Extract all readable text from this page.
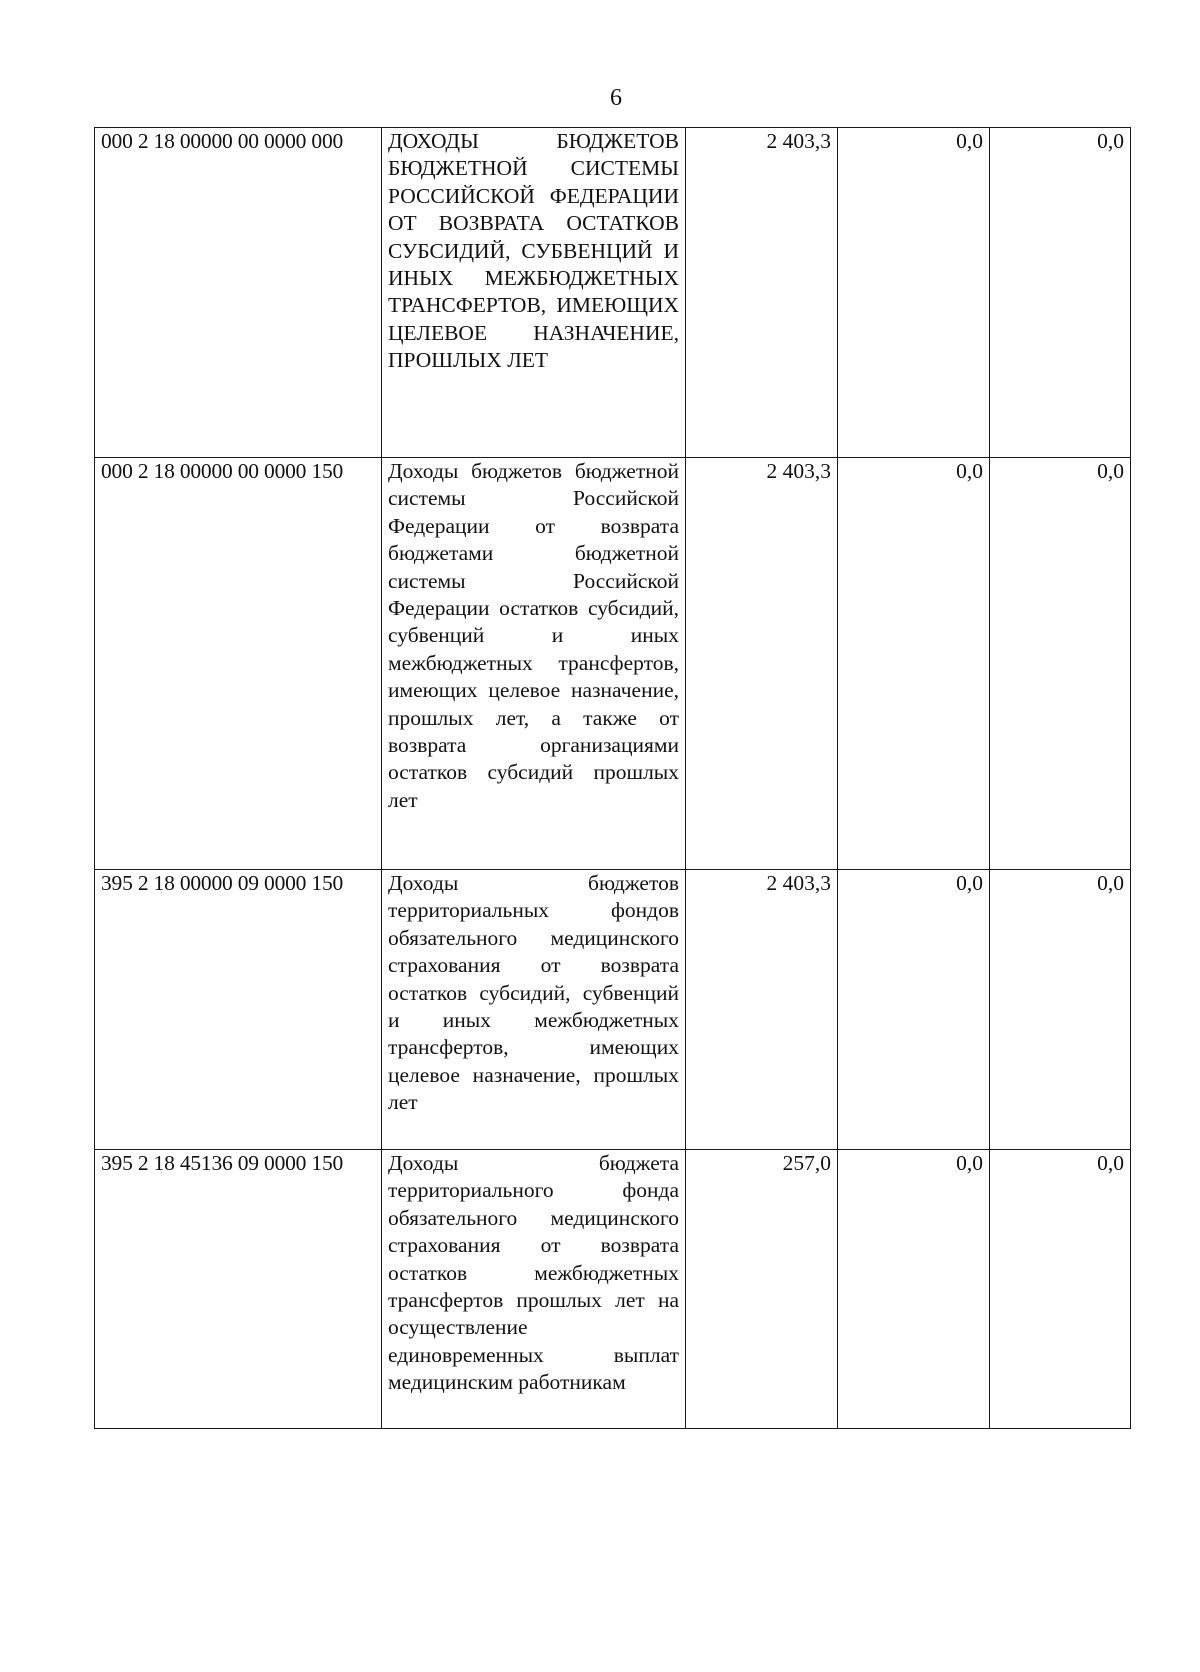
6
000 2 18 00000 00 0000 000	ДОХОДЫ БЮДЖЕТОВ БЮДЖЕТНОЙ СИСТЕМЫ РОССИЙСКОЙ ФЕДЕРАЦИИ ОТ ВОЗВРАТА ОСТАТКОВ СУБСИДИЙ, СУБВЕНЦИЙ И ИНЫХ МЕЖБЮДЖЕТНЫХ ТРАНСФЕРТОВ, ИМЕЮЩИХ ЦЕЛЕВОЕ НАЗНАЧЕНИЕ, ПРОШЛЫХ ЛЕТ	2 403,3	0,0	0,0
000 2 18 00000 00 0000 150	Доходы бюджетов бюджетной системы Российской Федерации от возврата бюджетами бюджетной системы Российской Федерации остатков субсидий, субвенций и иных межбюджетных трансфертов, имеющих целевое назначение, прошлых лет, а также от возврата организациями остатков субсидий прошлых лет	2 403,3	0,0	0,0
395 2 18 00000 09 0000 150	Доходы бюджетов территориальных фондов обязательного медицинского страхования от возврата остатков субсидий, субвенций и иных межбюджетных трансфертов, имеющих целевое назначение, прошлых лет	2 403,3	0,0	0,0
395 2 18 45136 09 0000 150	Доходы бюджета территориального фонда обязательного медицинского страхования от возврата остатков межбюджетных трансфертов прошлых лет на осуществление единовременных выплат медицинским работникам	257,0	0,0	0,0
